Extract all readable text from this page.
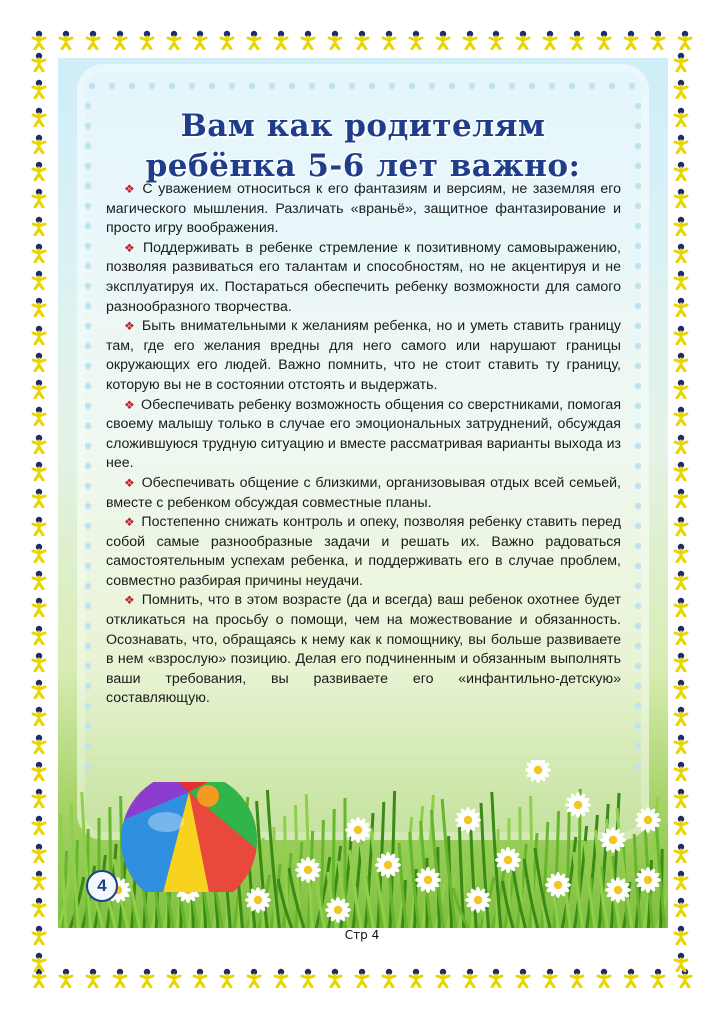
Вам как родителям
ребёнка 5-6 лет важно:

❖ С уважением относиться к его фантазиям и версиям, не заземляя его магического мышления. Различать «враньё», защитное фантазирование и просто игру воображения.

❖ Поддерживать в ребенке стремление к позитивному самовыражению, позволяя развиваться его талантам и способностям, но не акцентируя и не эксплуатируя их. Постараться обеспечить ребенку возможности для самого разнообразного творчества.

❖ Быть внимательными к желаниям ребенка, но и уметь ставить границу там, где его желания вредны для него самого или нарушают границы окружающих его людей. Важно помнить, что не стоит ставить ту границу, которую вы не в состоянии отстоять и выдержать.

❖ Обеспечивать ребенку возможность общения со сверстниками, помогая своему малышу только в случае его эмоциональных затруднений, обсуждая сложившуюся трудную ситуацию и вместе рассматривая варианты выхода из нее.

❖ Обеспечивать общение с близкими, организовывая отдых всей семьей, вместе с ребенком обсуждая совместные планы.

❖ Постепенно снижать контроль и опеку, позволяя ребенку ставить перед собой самые разнообразные задачи и решать их. Важно радоваться самостоятельным успехам ребенка, и поддерживать его в случае проблем, совместно разбирая причины неудачи.

❖ Помнить, что в этом возрасте (да и всегда) ваш ребенок охотнее будет откликаться на просьбу о помощи, чем на можествование и обязанность. Осознавать, что, обращаясь к нему как к помощнику, вы больше развиваете в нем «взрослую» позицию. Делая его подчиненным и обязанным выполнять ваши требования, вы развиваете его «инфантильно-детскую» составляющую.

4
Стр 4
